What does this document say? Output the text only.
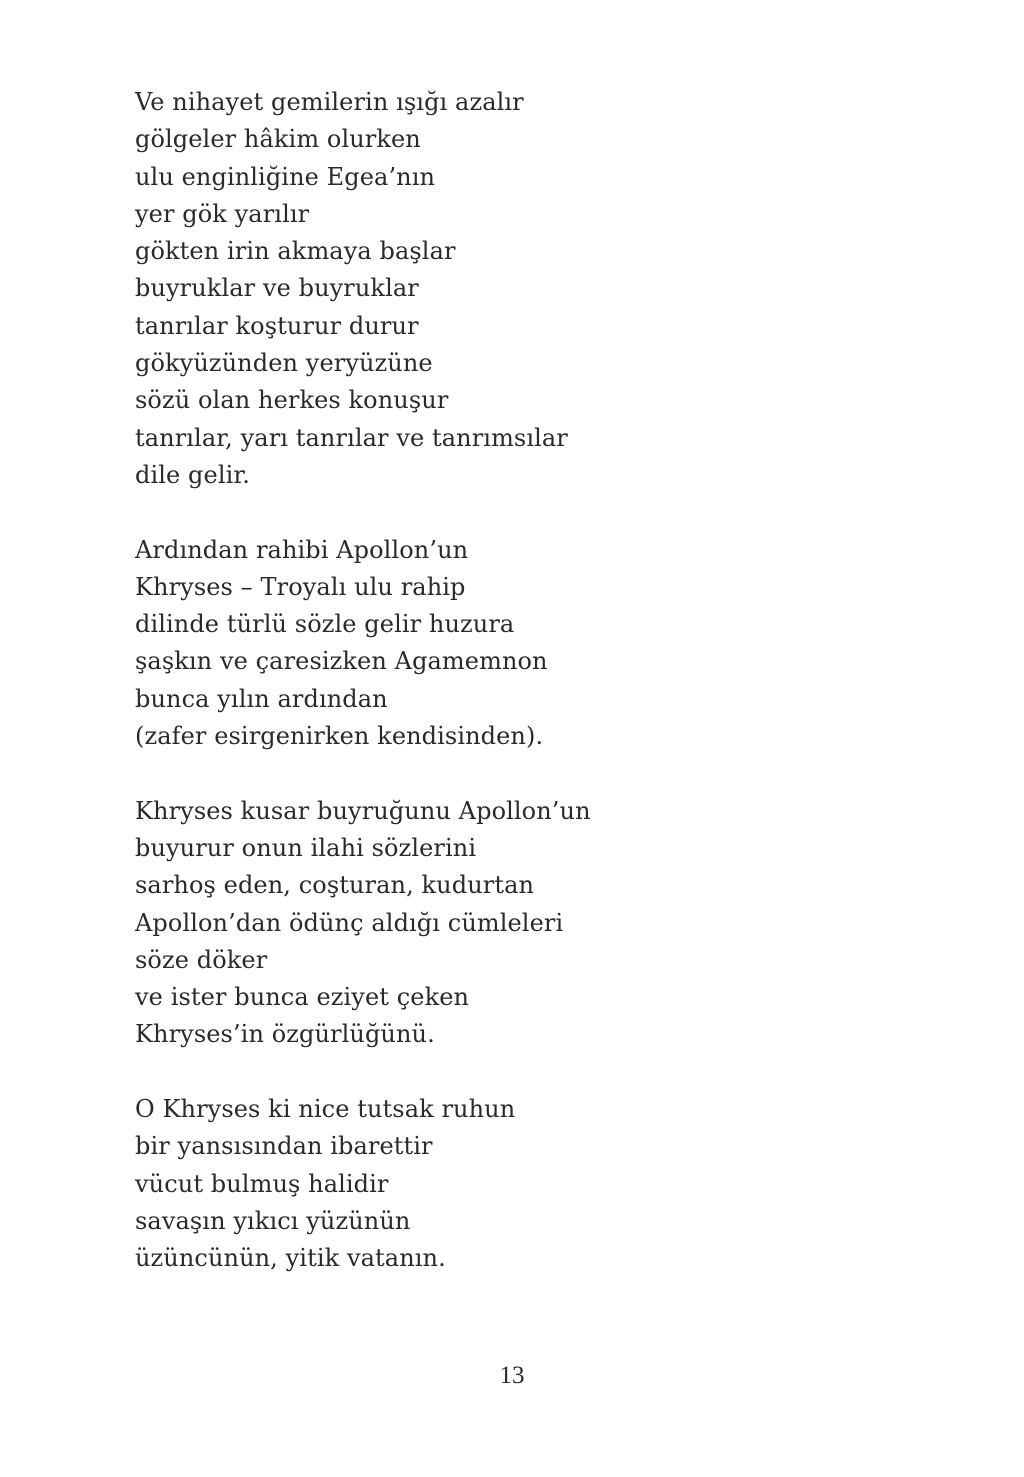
Ve nihayet gemilerin ışığı azalır
gölgeler hâkim olurken
ulu enginliğine Egea’nın
yer gök yarılır
gökten irin akmaya başlar
buyruklar ve buyruklar
tanrılar koşturur durur
gökyüzünden yeryüzüne
sözü olan herkes konuşur
tanrılar, yarı tanrılar ve tanrımsılar
dile gelir.
Ardından rahibi Apollon’un
Khryses – Troyalı ulu rahip
dilinde türlü sözle gelir huzura
şaşkın ve çaresizken Agamemnon
bunca yılın ardından
(zafer esirgenirken kendisinden).
Khryses kusar buyruğunu Apollon’un
buyurur onun ilahi sözlerini
sarhoş eden, coşturan, kudurtan
Apollon’dan ödünç aldığı cümleleri
söze döker
ve ister bunca eziyet çeken
Khryses’in özgürlüğünü.
O Khryses ki nice tutsak ruhun
bir yansısından ibarettir
vücut bulmuş halidir
savaşın yıkıcı yüzünün
üzüncünün, yitik vatanın.
13
